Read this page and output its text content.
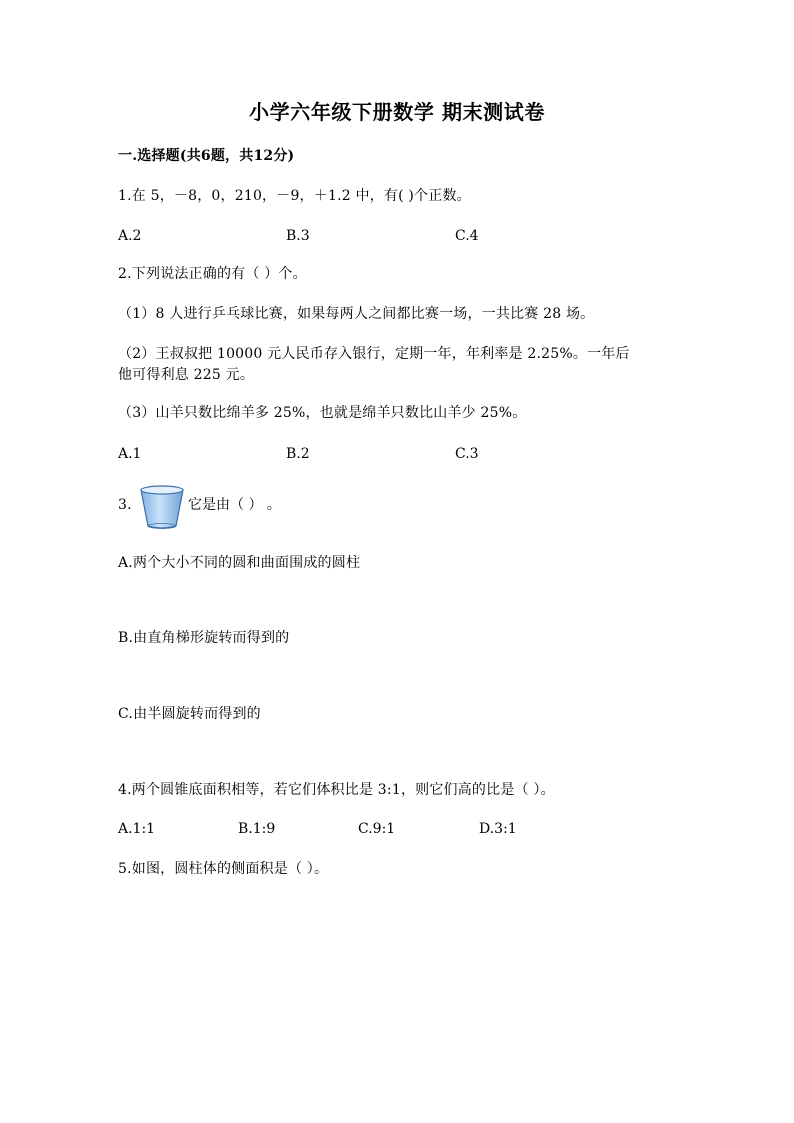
小学六年级下册数学 期末测试卷
一.选择题(共6题，共12分)
1.在 5，－8，0，210，－9，＋1.2 中，有( )个正数。
A.2	B.3	C.4
2.下列说法正确的有（ ）个。
（1）8 人进行乒乓球比赛，如果每两人之间都比赛一场，一共比赛 28 场。
（2）王叔叔把 10000 元人民币存入银行，定期一年，年利率是 2.25%。一年后
他可得利息 225 元。
（3）山羊只数比绵羊多 25%，也就是绵羊只数比山羊少 25%。
A.1	B.2	C.3
3.	它是由（ ） 。
A.两个大小不同的圆和曲面围成的圆柱
B.由直角梯形旋转而得到的
C.由半圆旋转而得到的
4.两个圆锥底面积相等，若它们体积比是 3:1，则它们高的比是（ ）。
A.1:1	B.1:9	C.9:1	D.3:1
5.如图，圆柱体的侧面积是（ ）。
